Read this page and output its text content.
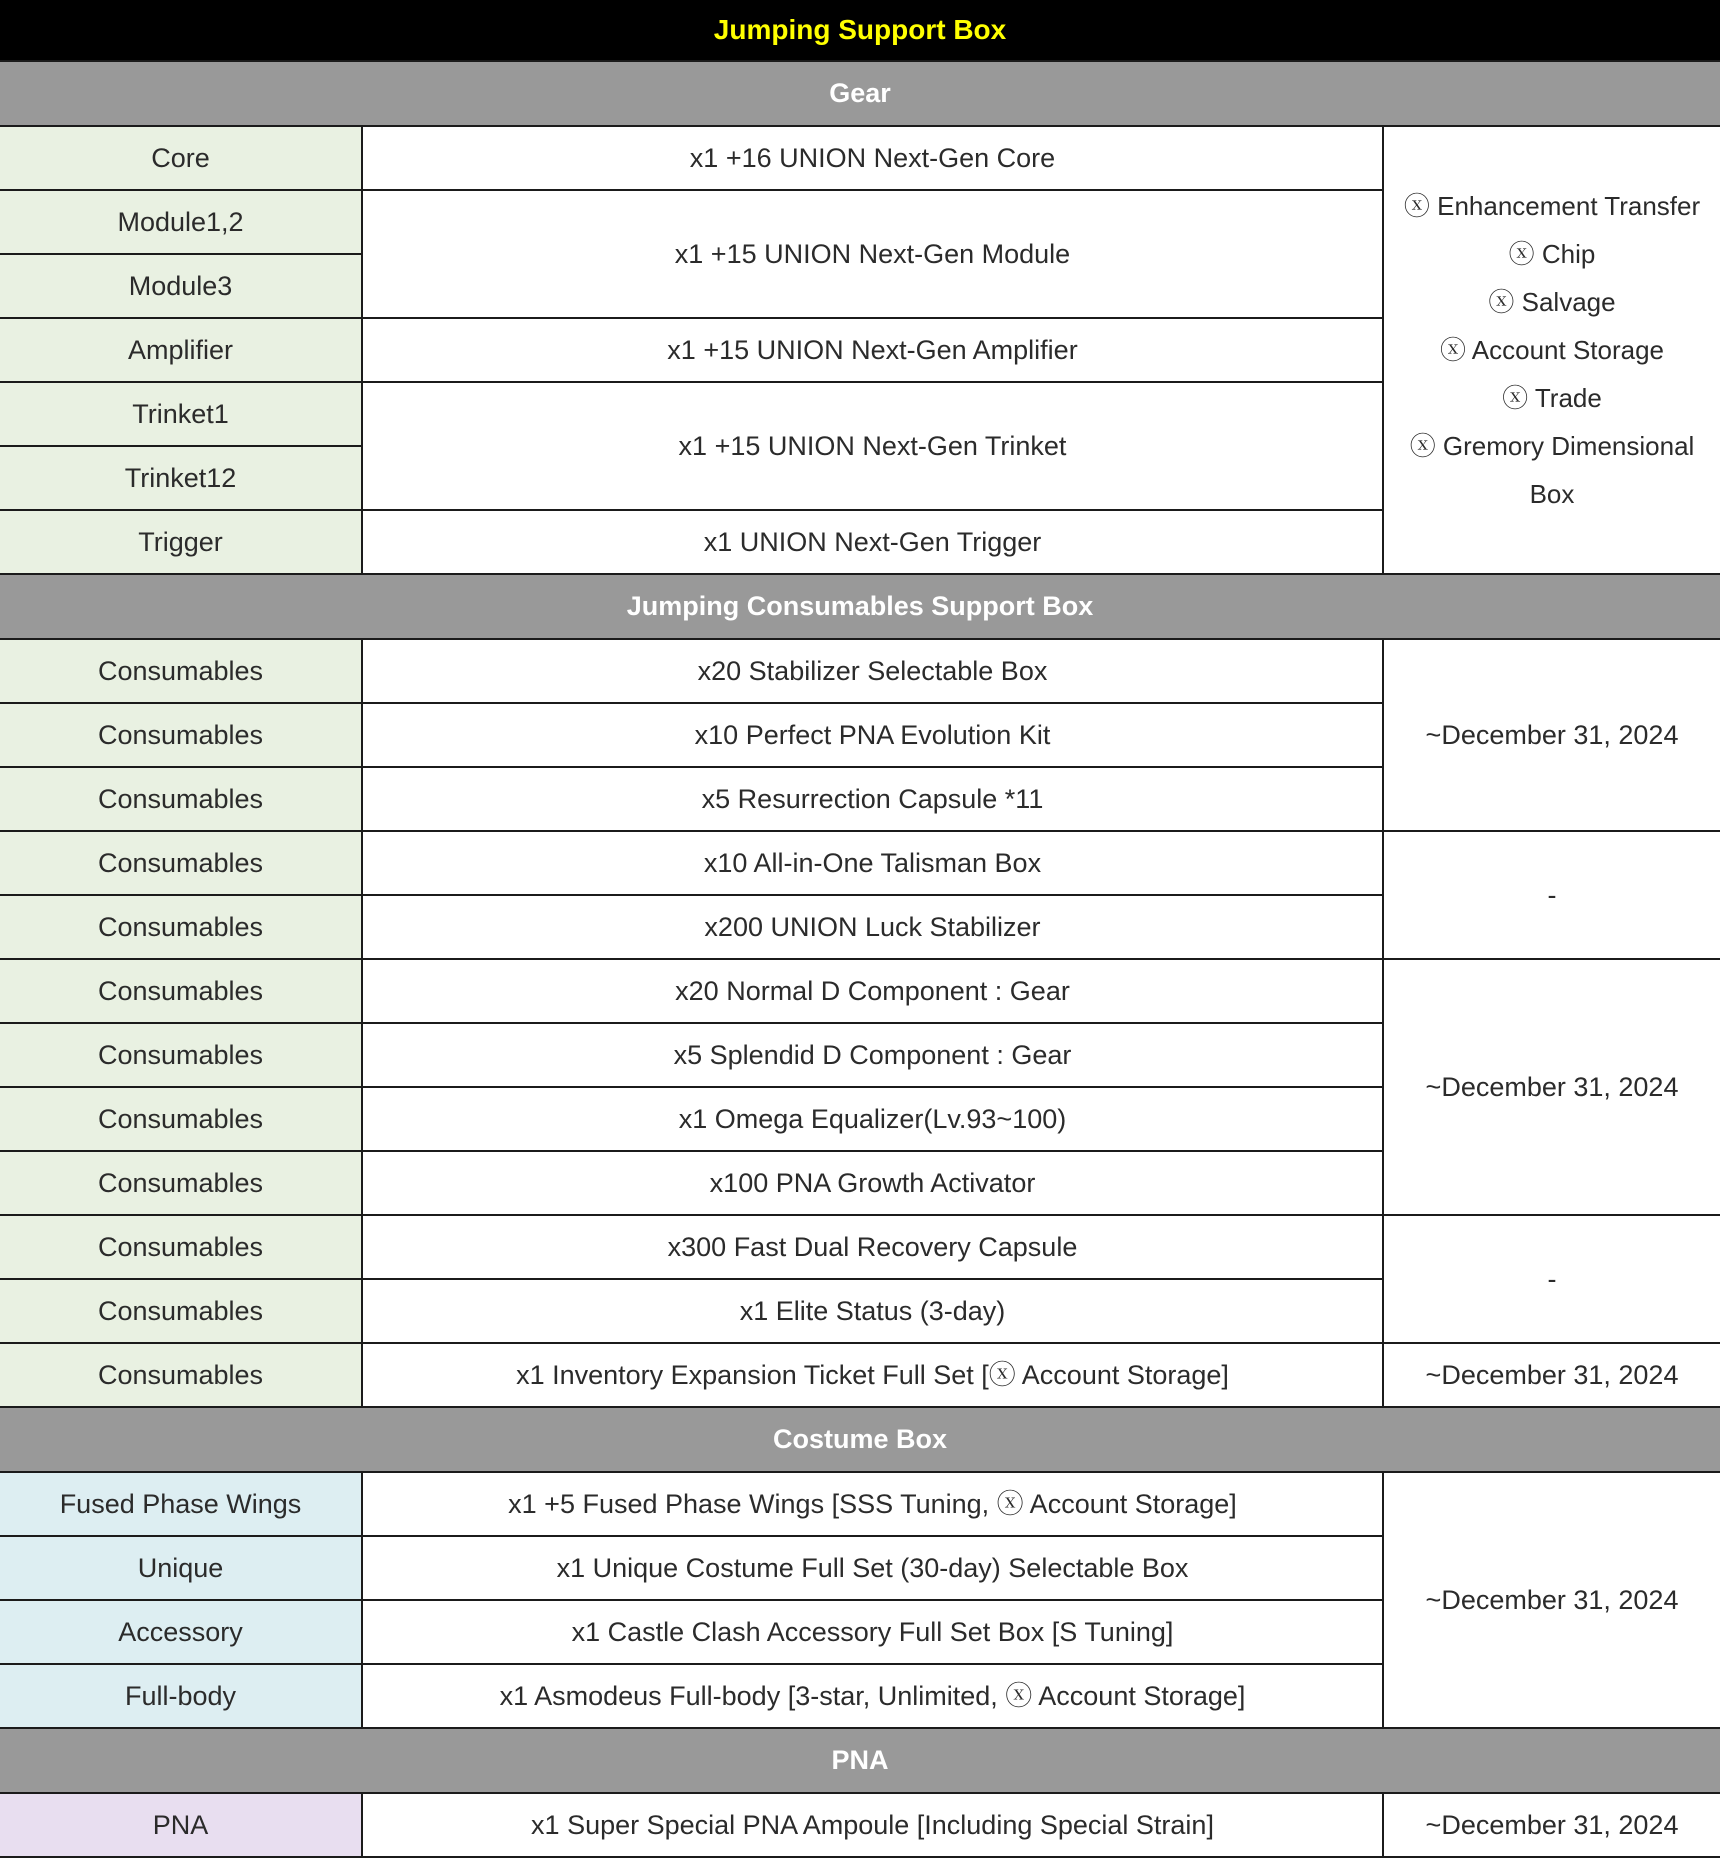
Jumping Support Box		
Gear		
Core	x1 +16 UNION Next-Gen Core	
ⓧ Enhancement Transfer
ⓧ Chip
ⓧ Salvage
ⓧ Account Storage
ⓧ Trade
ⓧ Gremory Dimensional Box

Module1,2	x1 +15 UNION Next-Gen Module	
Module3		
Amplifier	x1 +15 UNION Next-Gen Amplifier	
Trinket1	x1 +15 UNION Next-Gen Trinket	
Trinket12		
Trigger	x1 UNION Next-Gen Trigger	
Jumping Consumables Support Box		
Consumables	x20 Stabilizer Selectable Box	~December 31, 2024
Consumables	x10 Perfect PNA Evolution Kit	
Consumables	x5 Resurrection Capsule *11	
Consumables	x10 All-in-One Talisman Box	-
Consumables	x200 UNION Luck Stabilizer	
Consumables	x20 Normal D Component : Gear	~December 31, 2024
Consumables	x5 Splendid D Component : Gear	
Consumables	x1 Omega Equalizer(Lv.93~100)	
Consumables	x100 PNA Growth Activator	
Consumables	x300 Fast Dual Recovery Capsule	-
Consumables	x1 Elite Status (3-day)	
Consumables	x1 Inventory Expansion Ticket Full Set [ⓧ Account Storage]	~December 31, 2024
Costume Box		
Fused Phase Wings	x1 +5 Fused Phase Wings [SSS Tuning, ⓧ Account Storage]	~December 31, 2024
Unique	x1 Unique Costume Full Set (30-day) Selectable Box	
Accessory	x1 Castle Clash Accessory Full Set Box [S Tuning]	
Full-body	x1 Asmodeus Full-body [3-star, Unlimited, ⓧ Account Storage]	
PNA		
PNA	x1 Super Special PNA Ampoule [Including Special Strain]	~December 31, 2024
